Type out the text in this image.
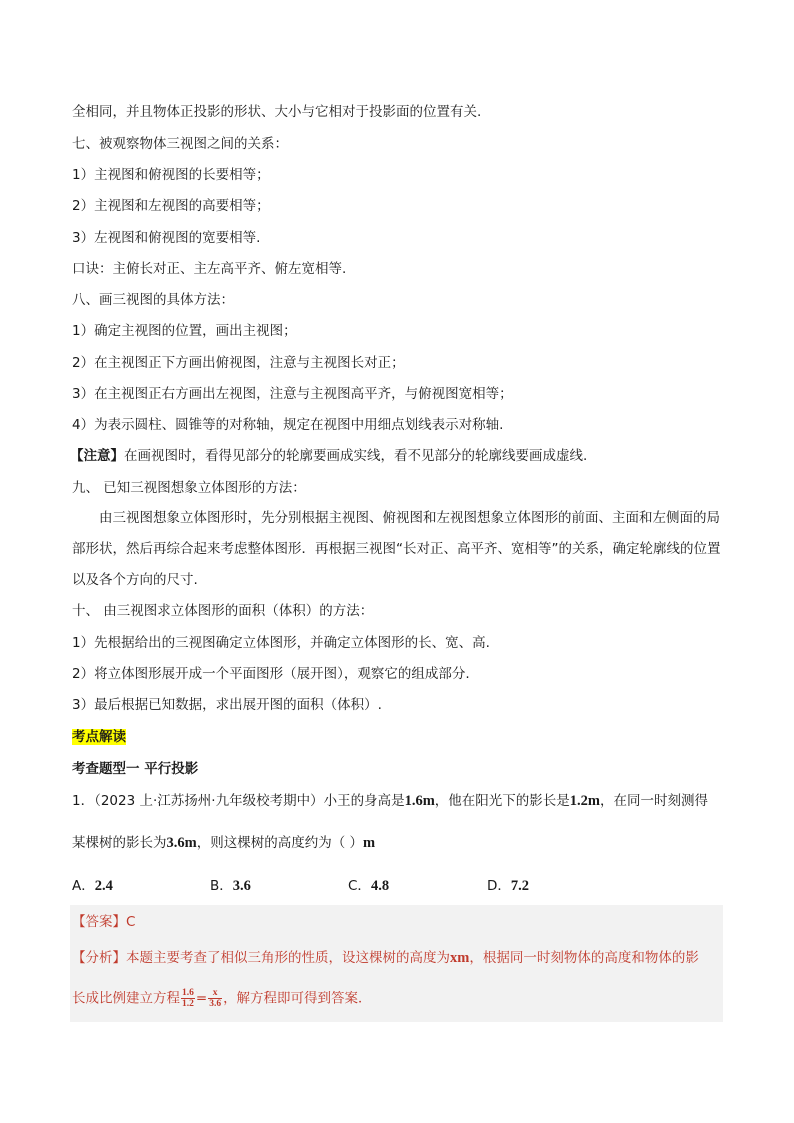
全相同，并且物体正投影的形状、大小与它相对于投影面的位置有关.
七、被观察物体三视图之间的关系：
1）主视图和俯视图的长要相等；
2）主视图和左视图的高要相等；
3）左视图和俯视图的宽要相等.
口诀：主俯长对正、主左高平齐、俯左宽相等.
八、画三视图的具体方法：
1）确定主视图的位置，画出主视图；
2）在主视图正下方画出俯视图，注意与主视图长对正；
3）在主视图正右方画出左视图，注意与主视图高平齐，与俯视图宽相等；
4）为表示圆柱、圆锥等的对称轴，规定在视图中用细点划线表示对称轴.
【注意】在画视图时，看得见部分的轮廓要画成实线，看不见部分的轮廓线要画成虚线.
九、 已知三视图想象立体图形的方法：
由三视图想象立体图形时，先分别根据主视图、俯视图和左视图想象立体图形的前面、主面和左侧面的局部形状，然后再综合起来考虑整体图形．再根据三视图“长对正、高平齐、宽相等”的关系，确定轮廓线的位置以及各个方向的尺寸.
十、 由三视图求立体图形的面积（体积）的方法：
1）先根据给出的三视图确定立体图形，并确定立体图形的长、宽、高.
2）将立体图形展开成一个平面图形（展开图），观察它的组成部分.
3）最后根据已知数据，求出展开图的面积（体积）.
考点解读
考查题型一 平行投影
1．（2023 上·江苏扬州·九年级校考期中）小王的身高是1.6m，他在阳光下的影长是1.2m，在同一时刻测得
某棵树的影长为3.6m，则这棵树的高度约为（ ）m
A．2.4	B．3.6	C．4.8	D．7.2
【答案】C
【分析】本题主要考查了相似三角形的性质，设这棵树的高度为xm，根据同一时刻物体的高度和物体的影
长成比例建立方程 $\frac{1.6}{1.2} = \frac{x}{3.6}$ ，解方程即可得到答案．
